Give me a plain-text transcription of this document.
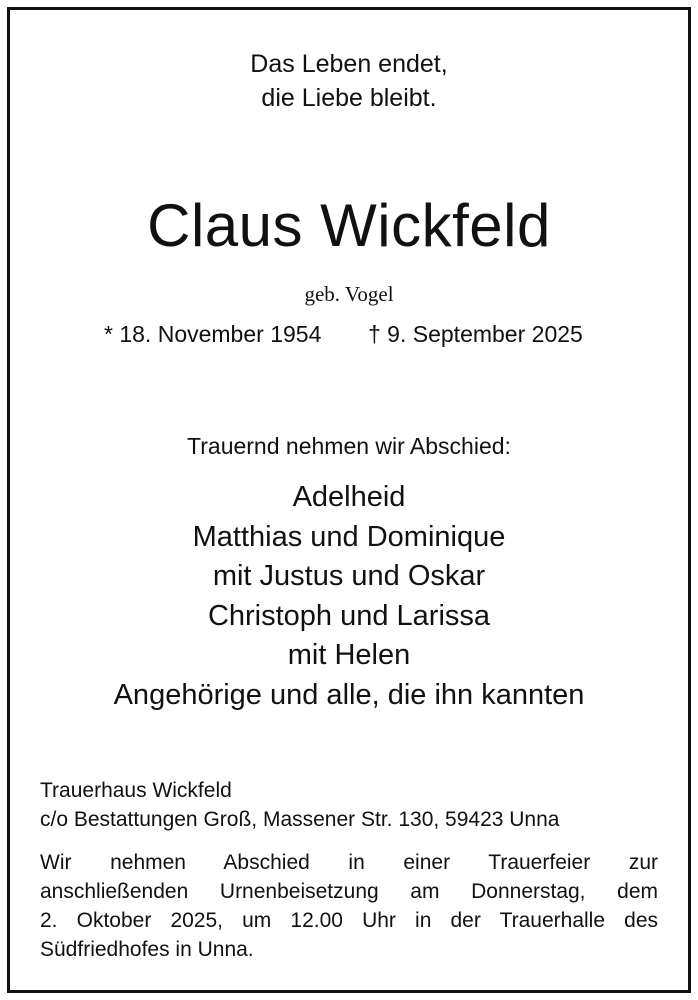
Das Leben endet,
die Liebe bleibt.
Claus Wickfeld
geb. Vogel
* 18. November 1954 † 9. September 2025
Trauernd nehmen wir Abschied:
Adelheid
Matthias und Dominique
mit Justus und Oskar
Christoph und Larissa
mit Helen
Angehörige und alle, die ihn kannten
Trauerhaus Wickfeld
c/o Bestattungen Groß, Massener Str. 130, 59423 Unna
Wir nehmen Abschied in einer Trauerfeier zur
anschließenden Urnenbeisetzung am Donnerstag, dem
2. Oktober 2025, um 12.00 Uhr in der Trauerhalle des
Südfriedhofes in Unna.
